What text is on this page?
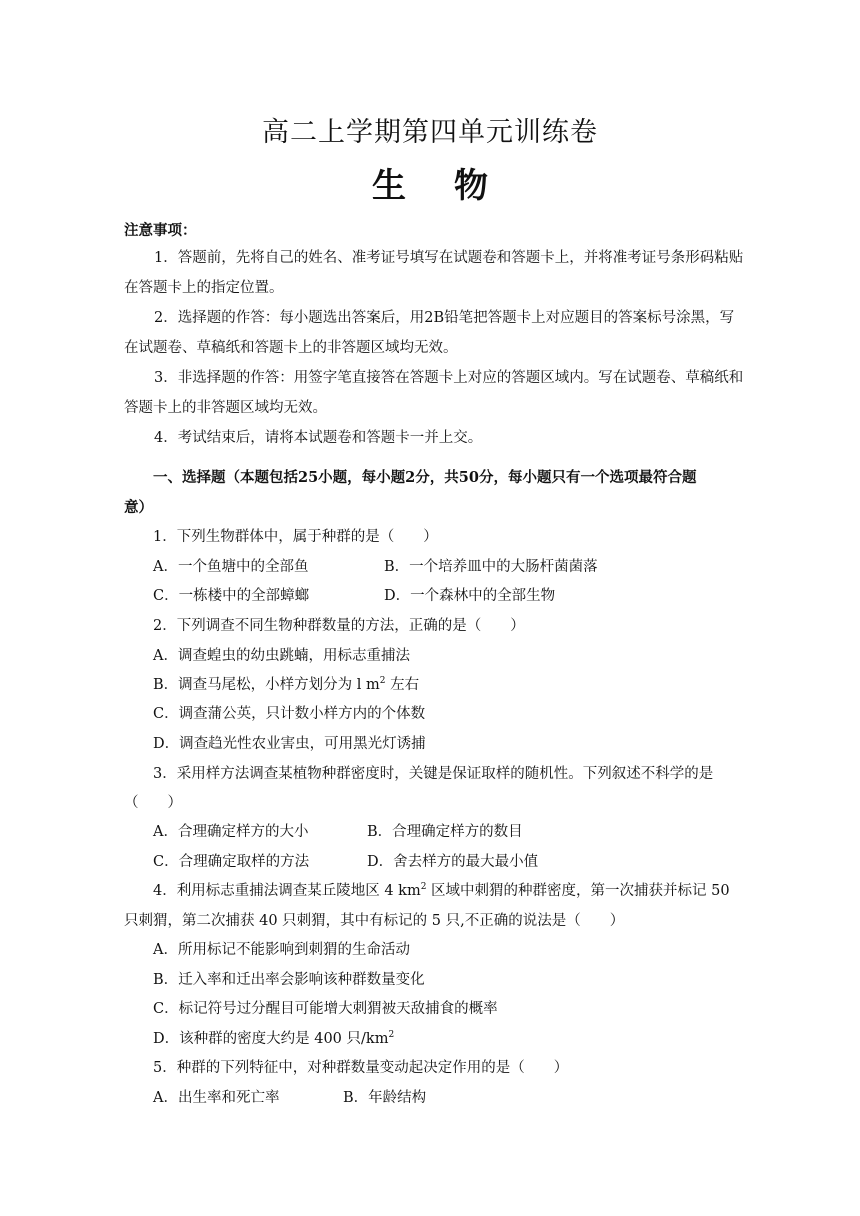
高二上学期第四单元训练卷
生物
注意事项：
1．答题前，先将自己的姓名、准考证号填写在试题卷和答题卡上，并将准考证号条形码粘贴在答题卡上的指定位置。
2．选择题的作答：每小题选出答案后，用2B铅笔把答题卡上对应题目的答案标号涂黑，写在试题卷、草稿纸和答题卡上的非答题区域均无效。
3．非选择题的作答：用签字笔直接答在答题卡上对应的答题区域内。写在试题卷、草稿纸和答题卡上的非答题区域均无效。
4．考试结束后，请将本试题卷和答题卡一并上交。
一、选择题（本题包括25小题，每小题2分，共50分，每小题只有一个选项最符合题
意）
1．下列生物群体中，属于种群的是（　　）
A．一个鱼塘中的全部鱼	B．一个培养皿中的大肠杆菌菌落
C．一栋楼中的全部蟑螂	D．一个森林中的全部生物
2．下列调查不同生物种群数量的方法，正确的是（　　）
A．调查蝗虫的幼虫跳蝻，用标志重捕法
B．调查马尾松，小样方划分为 l $m^2$ 左右
C．调查蒲公英，只计数小样方内的个体数
D．调查趋光性农业害虫，可用黑光灯诱捕
3．采用样方法调查某植物种群密度时，关键是保证取样的随机性。下列叙述不科学的是
（　　）
A．合理确定样方的大小	B．合理确定样方的数目
C．合理确定取样的方法	D．舍去样方的最大最小值
4．利用标志重捕法调查某丘陵地区 4 $km^2$ 区域中刺猬的种群密度，第一次捕获并标记 50
只刺猬，第二次捕获 40 只刺猬，其中有标记的 5 只,不正确的说法是（　　）
A．所用标记不能影响到刺猬的生命活动
B．迁入率和迁出率会影响该种群数量变化
C．标记符号过分醒目可能增大刺猬被天敌捕食的概率
D．该种群的密度大约是 400 只$/km^2$
5．种群的下列特征中，对种群数量变动起决定作用的是（　　）
A．出生率和死亡率	B．年龄结构
